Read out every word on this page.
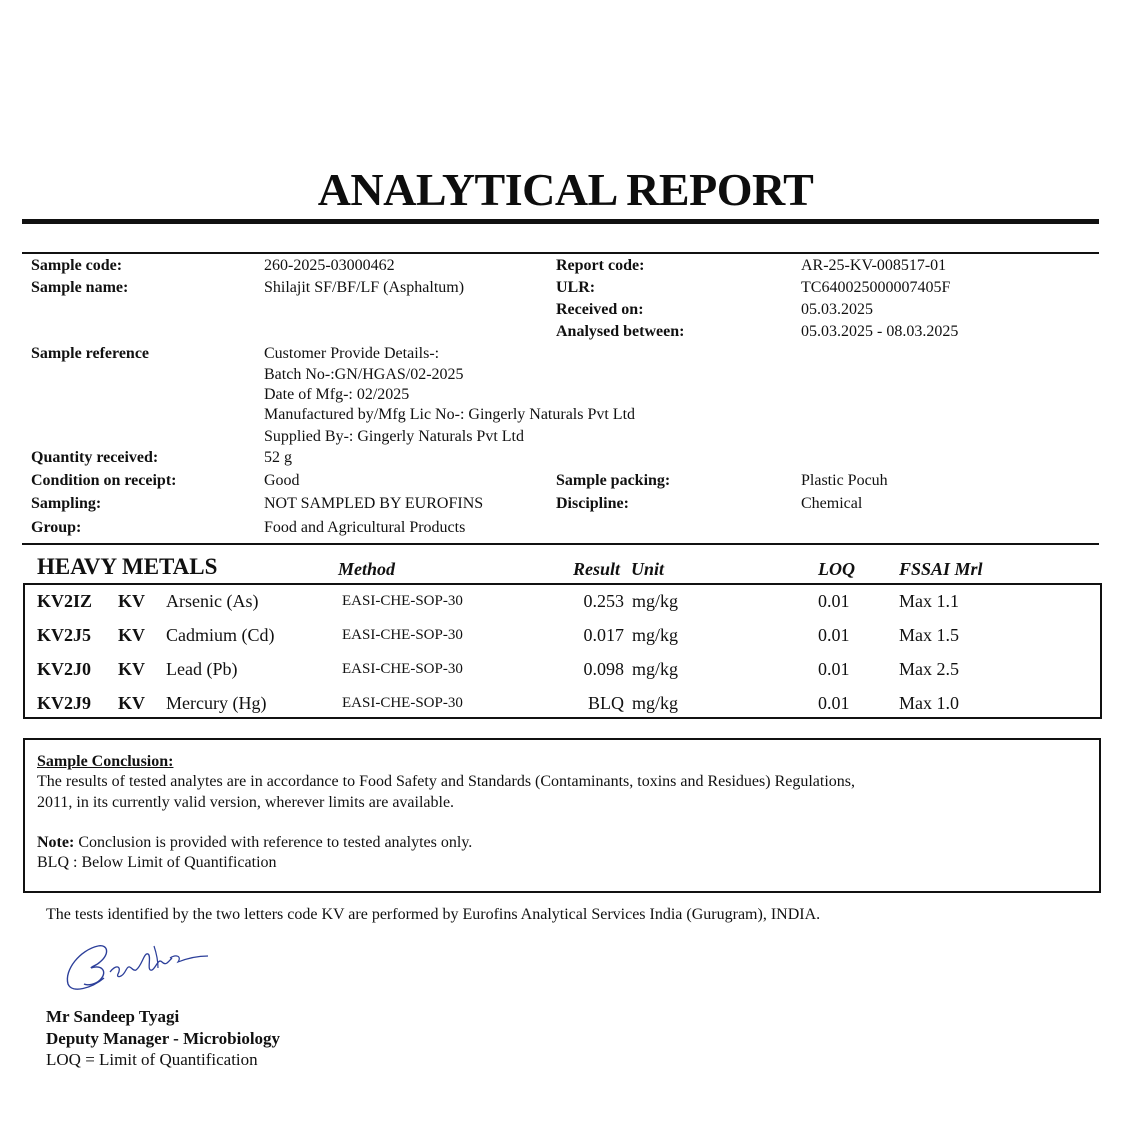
ANALYTICAL REPORT
Sample code:	260-2025-03000462	Report code:	AR-25-KV-008517-01
Sample name:	Shilajit SF/BF/LF (Asphaltum)	ULR:	TC640025000007405F
Received on:	05.03.2025
Analysed between:	05.03.2025 - 08.03.2025
Sample reference	Customer Provide Details-:
Batch No-:GN/HGAS/02-2025
Date of Mfg-: 02/2025
Manufactured by/Mfg Lic No-: Gingerly Naturals Pvt Ltd
Supplied By-: Gingerly Naturals Pvt Ltd
Quantity received:	52 g
Condition on receipt:	Good	Sample packing:	Plastic Pocuh
Sampling:	NOT SAMPLED BY EUROFINS	Discipline:	Chemical
Group:	Food and Agricultural Products
HEAVY METALS	Method	Result Unit	LOQ FSSAI Mrl
KV2IZ KV Arsenic (As)	EASI-CHE-SOP-30	0.253 mg/kg	0.01	Max 1.1
KV2J5 KV Cadmium (Cd)	EASI-CHE-SOP-30	0.017 mg/kg	0.01	Max 1.5
KV2J0 KV Lead (Pb)	EASI-CHE-SOP-30	0.098 mg/kg	0.01	Max 2.5
KV2J9 KV Mercury (Hg)	EASI-CHE-SOP-30	BLQ mg/kg	0.01	Max 1.0
Sample Conclusion:
The results of tested analytes are in accordance to Food Safety and Standards (Contaminants, toxins and Residues) Regulations,
2011, in its currently valid version, wherever limits are available.
Note: Conclusion is provided with reference to tested analytes only.
BLQ : Below Limit of Quantification
The tests identified by the two letters code KV are performed by Eurofins Analytical Services India (Gurugram), INDIA.
Mr Sandeep Tyagi
Deputy Manager - Microbiology
LOQ = Limit of Quantification
